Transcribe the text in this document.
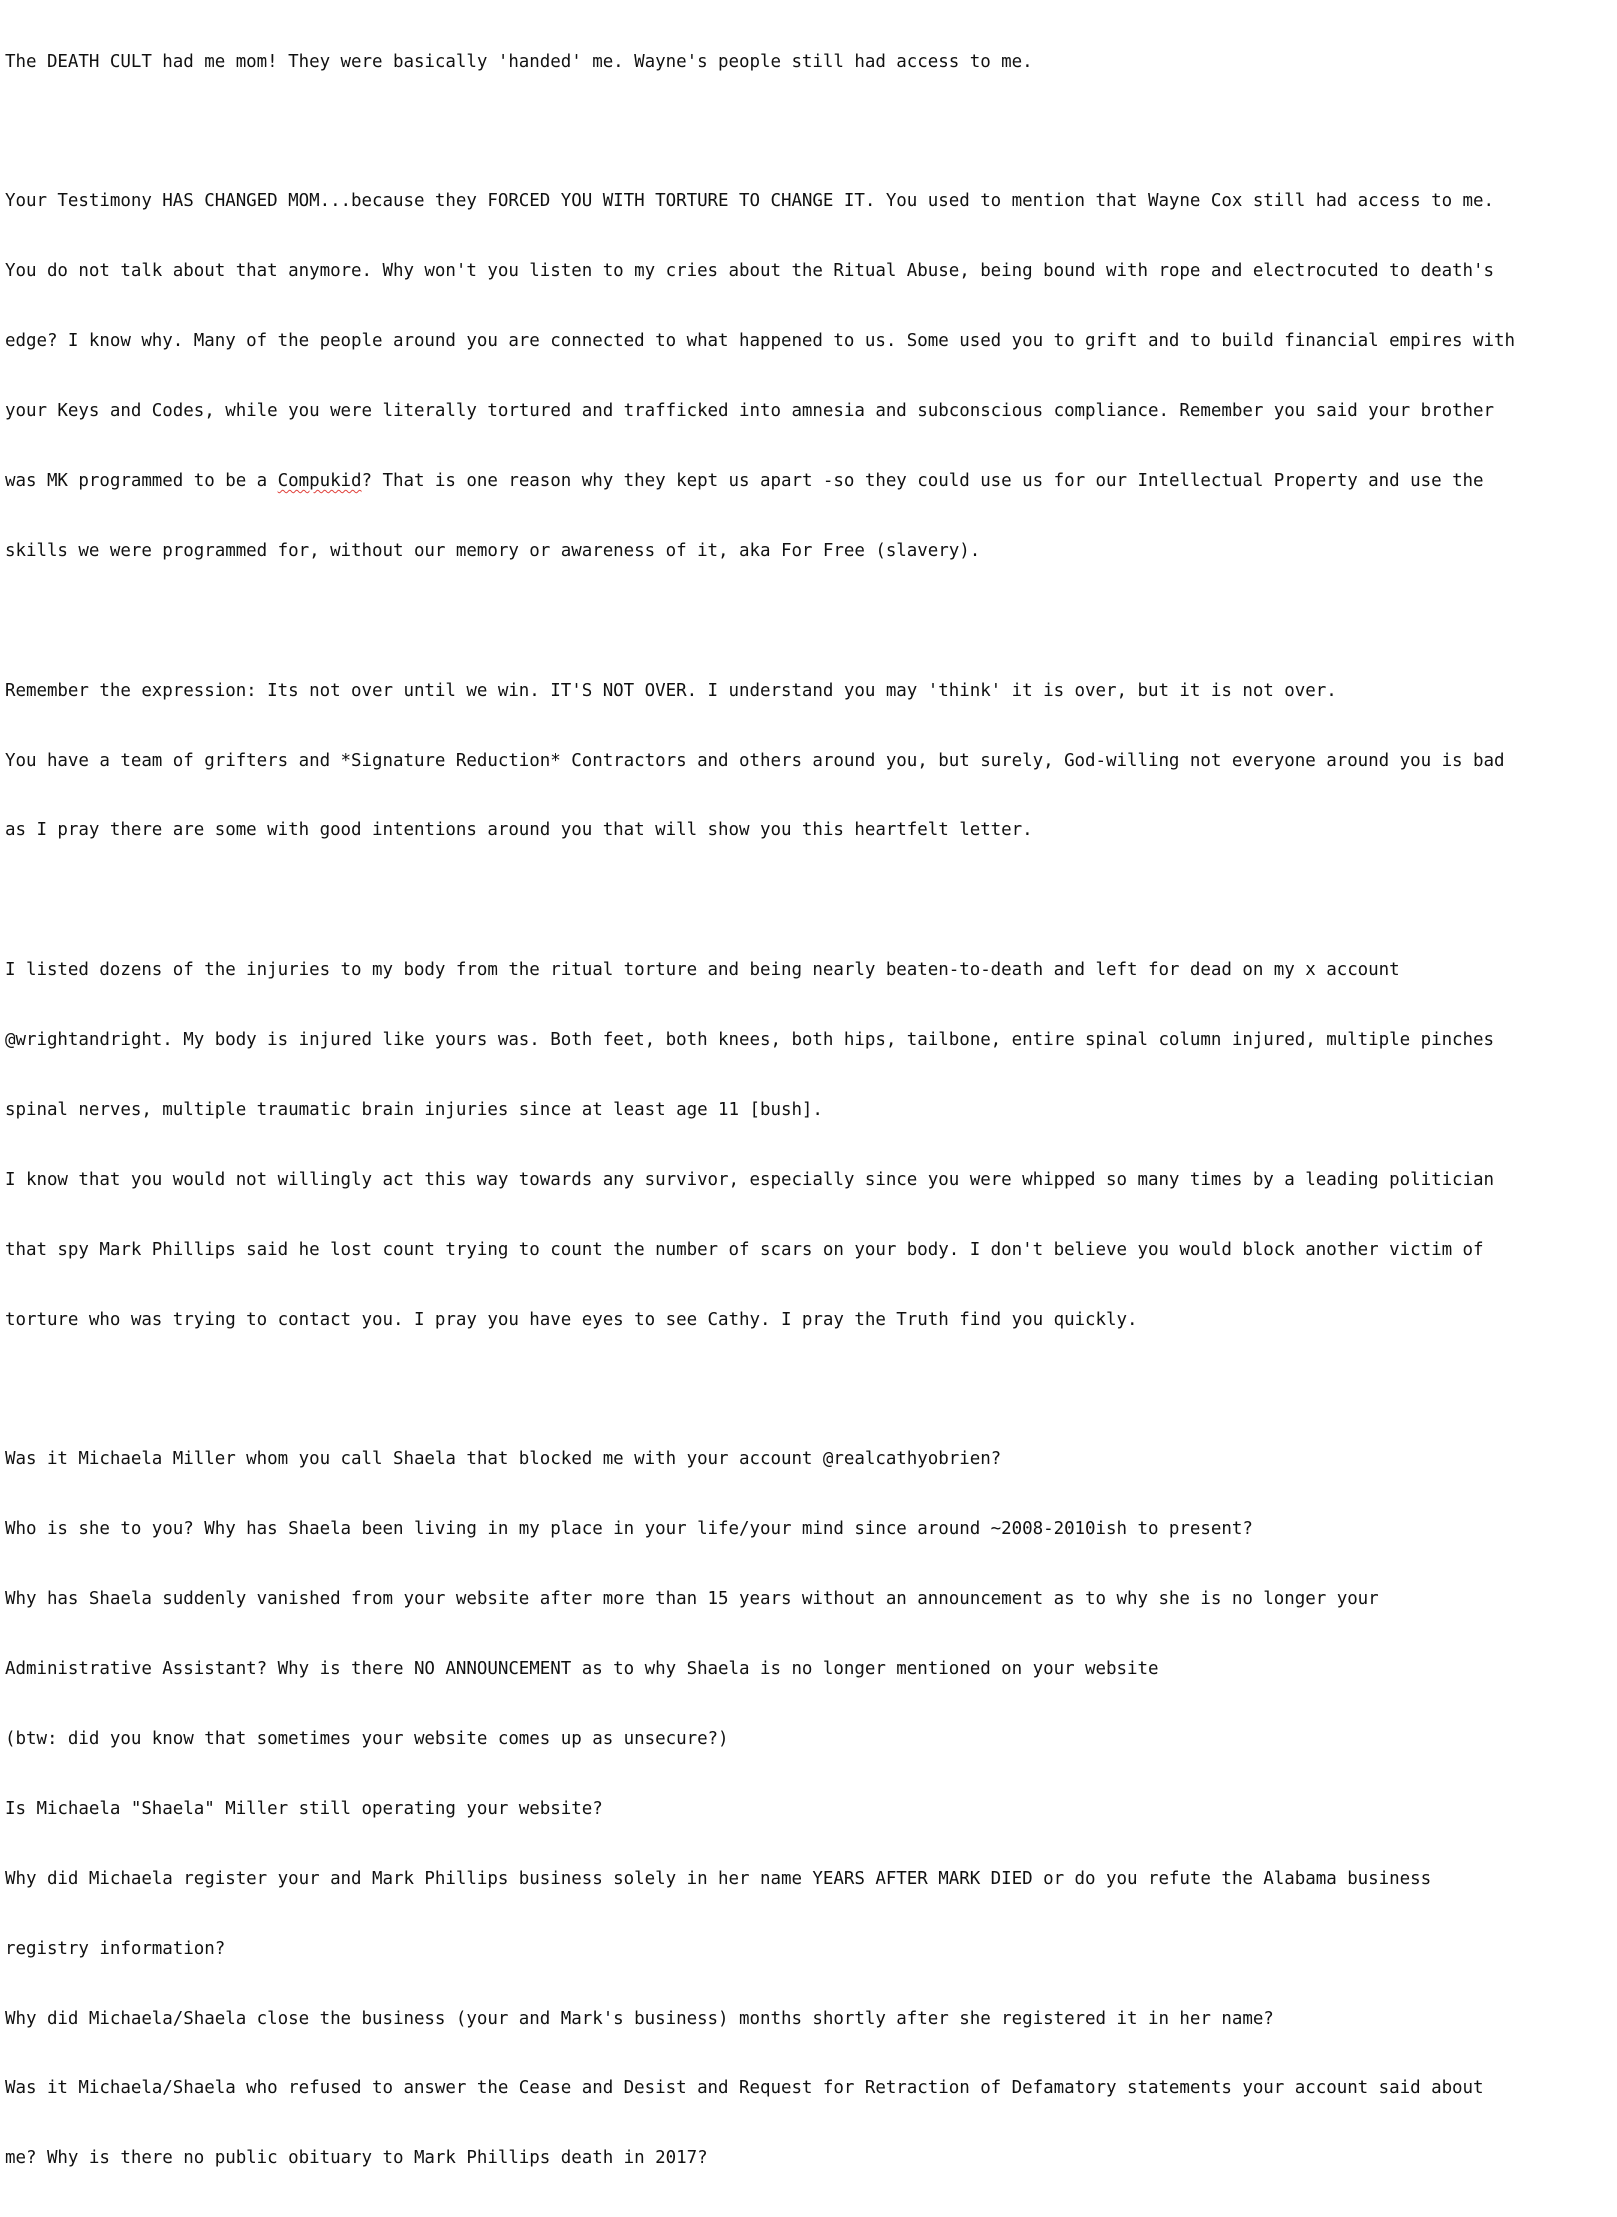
The DEATH CULT had me mom! They were basically 'handed' me. Wayne's people still had access to me.

Your Testimony HAS CHANGED MOM...because they FORCED YOU WITH TORTURE TO CHANGE IT. You used to mention that Wayne Cox still had access to me.

You do not talk about that anymore. Why won't you listen to my cries about the Ritual Abuse, being bound with rope and electrocuted to death's

edge? I know why. Many of the people around you are connected to what happened to us. Some used you to grift and to build financial empires with

your Keys and Codes, while you were literally tortured and trafficked into amnesia and subconscious compliance. Remember you said your brother

was MK programmed to be a Compukid? That is one reason why they kept us apart -so they could use us for our Intellectual Property and use the

skills we were programmed for, without our memory or awareness of it, aka For Free (slavery).

Remember the expression: Its not over until we win. IT'S NOT OVER. I understand you may 'think' it is over, but it is not over.

You have a team of grifters and *Signature Reduction* Contractors and others around you, but surely, God-willing not everyone around you is bad

as I pray there are some with good intentions around you that will show you this heartfelt letter.

I listed dozens of the injuries to my body from the ritual torture and being nearly beaten-to-death and left for dead on my x account

@wrightandright. My body is injured like yours was. Both feet, both knees, both hips, tailbone, entire spinal column injured, multiple pinches

spinal nerves, multiple traumatic brain injuries since at least age 11 [bush].

I know that you would not willingly act this way towards any survivor, especially since you were whipped so many times by a leading politician

that spy Mark Phillips said he lost count trying to count the number of scars on your body. I don't believe you would block another victim of

torture who was trying to contact you. I pray you have eyes to see Cathy. I pray the Truth find you quickly.

Was it Michaela Miller whom you call Shaela that blocked me with your account @realcathyobrien?

Who is she to you? Why has Shaela been living in my place in your life/your mind since around ~2008-2010ish to present?

Why has Shaela suddenly vanished from your website after more than 15 years without an announcement as to why she is no longer your

Administrative Assistant? Why is there NO ANNOUNCEMENT as to why Shaela is no longer mentioned on your website

(btw: did you know that sometimes your website comes up as unsecure?)

Is Michaela "Shaela" Miller still operating your website?

Why did Michaela register your and Mark Phillips business solely in her name YEARS AFTER MARK DIED or do you refute the Alabama business

registry information?

Why did Michaela/Shaela close the business (your and Mark's business) months shortly after she registered it in her name?

Was it Michaela/Shaela who refused to answer the Cease and Desist and Request for Retraction of Defamatory statements your account said about

me? Why is there no public obituary to Mark Phillips death in 2017?
